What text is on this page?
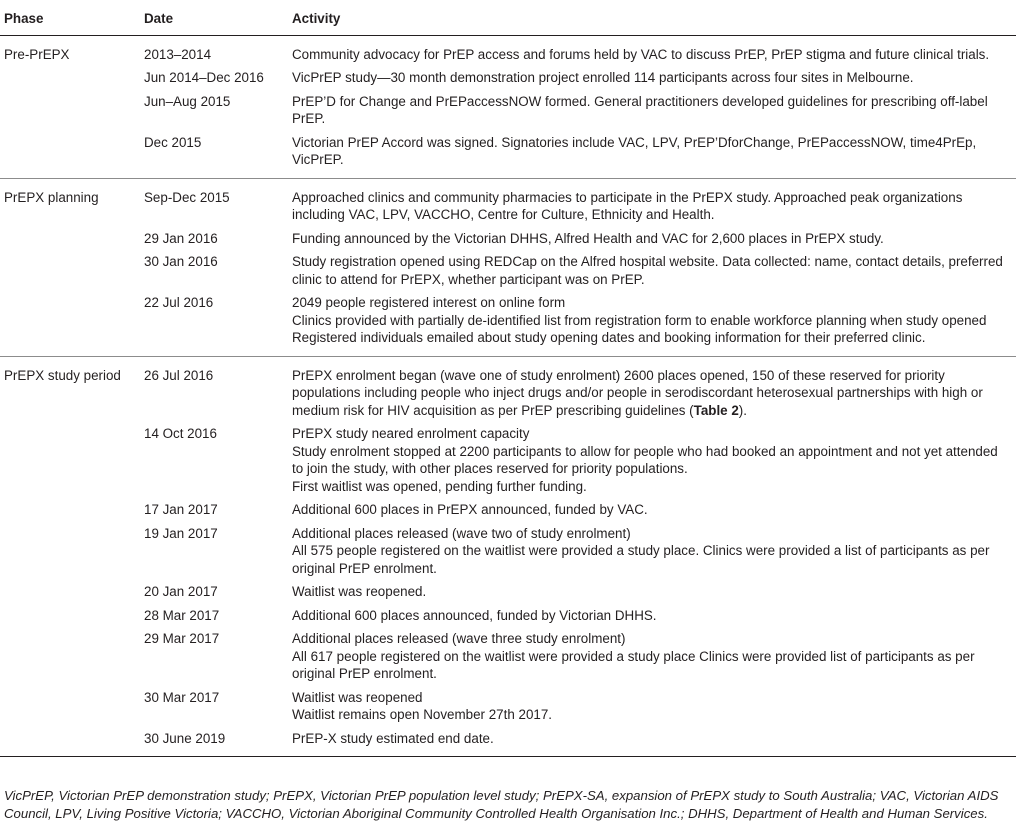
Phase	Date	Activity
Pre-PrEPX	2013–2014	Community advocacy for PrEP access and forums held by VAC to discuss PrEP, PrEP stigma and future clinical trials.

	Jun 2014–Dec 2016	VicPrEP study—30 month demonstration project enrolled 114 participants across four sites in Melbourne.

	Jun–Aug 2015	PrEP’D for Change and PrEPaccessNOW formed. General practitioners developed guidelines for prescribing off-label PrEP.

	Dec 2015	Victorian PrEP Accord was signed. Signatories include VAC, LPV, PrEP’DforChange, PrEPaccessNOW, time4PrEp, VicPrEP.

PrEPX planning	Sep-Dec 2015	Approached clinics and community pharmacies to participate in the PrEPX study. Approached peak organizations including VAC, LPV, VACCHO, Centre for Culture, Ethnicity and Health.

	29 Jan 2016	Funding announced by the Victorian DHHS, Alfred Health and VAC for 2,600 places in PrEPX study.

	30 Jan 2016	Study registration opened using REDCap on the Alfred hospital website. Data collected: name, contact details, preferred clinic to attend for PrEPX, whether participant was on PrEP.

	22 Jul 2016	2049 people registered interest on online form
Clinics provided with partially de-identified list from registration form to enable workforce planning when study opened
Registered individuals emailed about study opening dates and booking information for their preferred clinic.

PrEPX study period	26 Jul 2016	PrEPX enrolment began (wave one of study enrolment) 2600 places opened, 150 of these reserved for priority populations including people who inject drugs and/or people in serodiscordant heterosexual partnerships with high or medium risk for HIV acquisition as per PrEP prescribing guidelines (Table 2).

	14 Oct 2016	PrEPX study neared enrolment capacity
Study enrolment stopped at 2200 participants to allow for people who had booked an appointment and not yet attended to join the study, with other places reserved for priority populations.
First waitlist was opened, pending further funding.

	17 Jan 2017	Additional 600 places in PrEPX announced, funded by VAC.

	19 Jan 2017	Additional places released (wave two of study enrolment)
All 575 people registered on the waitlist were provided a study place. Clinics were provided a list of participants as per original PrEP enrolment.

	20 Jan 2017	Waitlist was reopened.

	28 Mar 2017	Additional 600 places announced, funded by Victorian DHHS.

	29 Mar 2017	Additional places released (wave three study enrolment)
All 617 people registered on the waitlist were provided a study place Clinics were provided list of participants as per original PrEP enrolment.

	30 Mar 2017	Waitlist was reopened
Waitlist remains open November 27th 2017.

	30 June 2019	PrEP-X study estimated end date.
VicPrEP, Victorian PrEP demonstration study; PrEPX, Victorian PrEP population level study; PrEPX-SA, expansion of PrEPX study to South Australia; VAC, Victorian AIDS Council, LPV, Living Positive Victoria; VACCHO, Victorian Aboriginal Community Controlled Health Organisation Inc.; DHHS, Department of Health and Human Services.
